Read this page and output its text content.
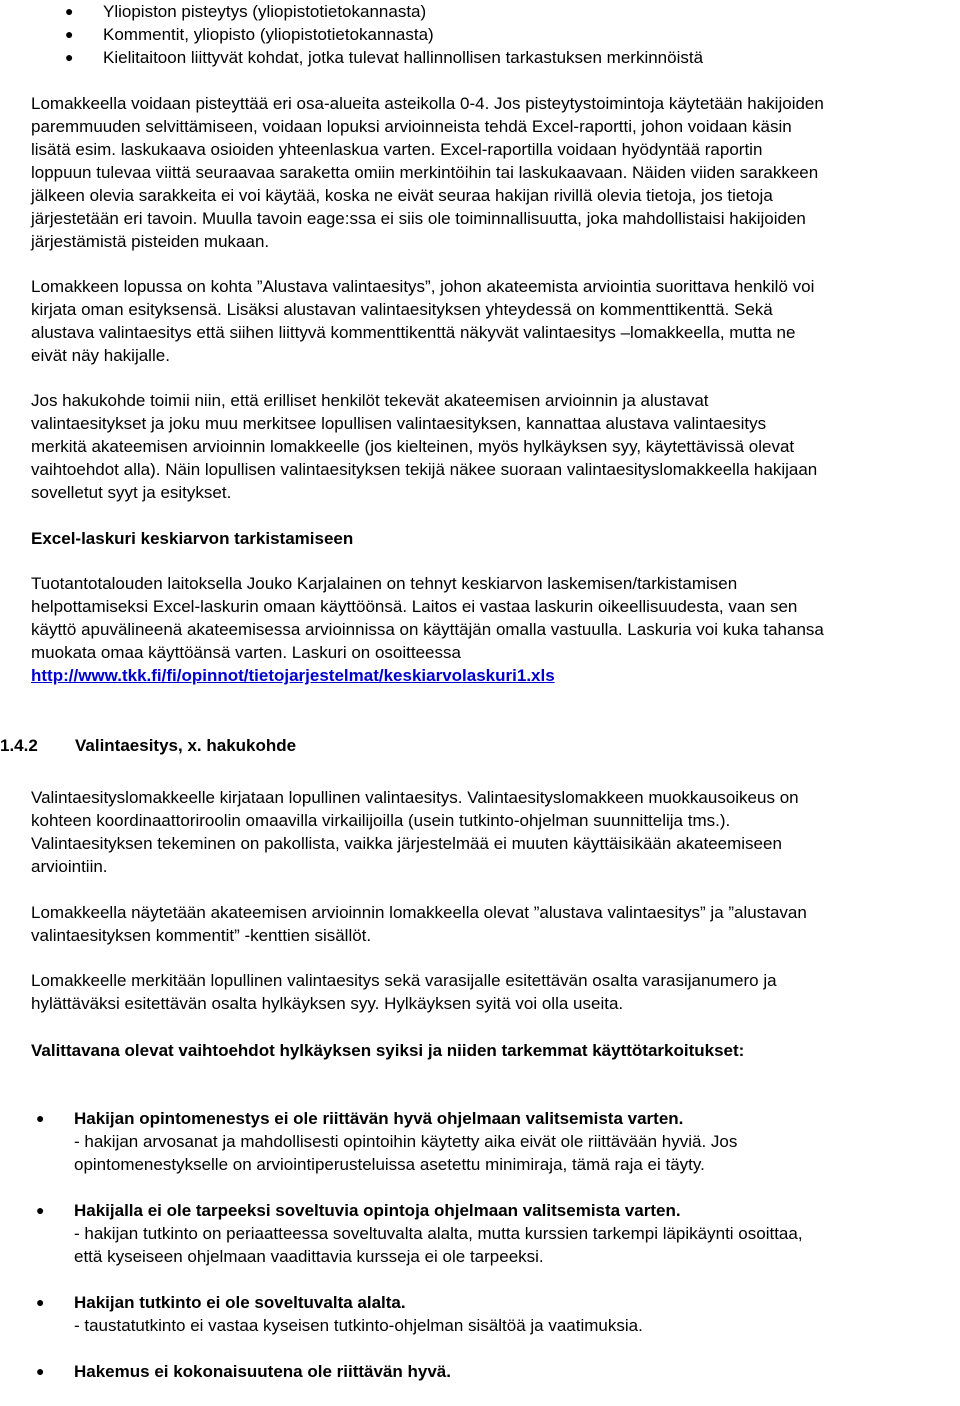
● Yliopiston pisteytys (yliopistotietokannasta)
● Kommentit, yliopisto (yliopistotietokannasta)
● Kielitaitoon liittyvät kohdat, jotka tulevat hallinnollisen tarkastuksen merkinnöistä
Lomakkeella voidaan pisteyttää eri osa-alueita asteikolla 0-4. Jos pisteytystoimintoja käytetään hakijoiden
paremmuuden selvittämiseen, voidaan lopuksi arvioinneista tehdä Excel-raportti, johon voidaan käsin
lisätä esim. laskukaava osioiden yhteenlaskua varten. Excel-raportilla voidaan hyödyntää raportin
loppuun tulevaa viittä seuraavaa saraketta omiin merkintöihin tai laskukaavaan. Näiden viiden sarakkeen
jälkeen olevia sarakkeita ei voi käytää, koska ne eivät seuraa hakijan rivillä olevia tietoja, jos tietoja
järjestetään eri tavoin. Muulla tavoin eage:ssa ei siis ole toiminnallisuutta, joka mahdollistaisi hakijoiden
järjestämistä pisteiden mukaan.
Lomakkeen lopussa on kohta ”Alustava valintaesitys”, johon akateemista arviointia suorittava henkilö voi
kirjata oman esityksensä. Lisäksi alustavan valintaesityksen yhteydessä on kommenttikenttä. Sekä
alustava valintaesitys että siihen liittyvä kommenttikenttä näkyvät valintaesitys –lomakkeella, mutta ne
eivät näy hakijalle.
Jos hakukohde toimii niin, että erilliset henkilöt tekevät akateemisen arvioinnin ja alustavat
valintaesitykset ja joku muu merkitsee lopullisen valintaesityksen, kannattaa alustava valintaesitys
merkitä akateemisen arvioinnin lomakkeelle (jos kielteinen, myös hylkäyksen syy, käytettävissä olevat
vaihtoehdot alla). Näin lopullisen valintaesityksen tekijä näkee suoraan valintaesityslomakkeella hakijaan
sovelletut syyt ja esitykset.
Excel-laskuri keskiarvon tarkistamiseen
Tuotantotalouden laitoksella Jouko Karjalainen on tehnyt keskiarvon laskemisen/tarkistamisen
helpottamiseksi Excel-laskurin omaan käyttöönsä. Laitos ei vastaa laskurin oikeellisuudesta, vaan sen
käyttö apuvälineenä akateemisessa arvioinnissa on käyttäjän omalla vastuulla. Laskuria voi kuka tahansa
muokata omaa käyttöänsä varten. Laskuri on osoitteessa
http://www.tkk.fi/fi/opinnot/tietojarjestelmat/keskiarvolaskuri1.xls
1.4.2 Valintaesitys, x. hakukohde
Valintaesityslomakkeelle kirjataan lopullinen valintaesitys. Valintaesityslomakkeen muokkausoikeus on
kohteen koordinaattoriroolin omaavilla virkailijoilla (usein tutkinto-ohjelman suunnittelija tms.).
Valintaesityksen tekeminen on pakollista, vaikka järjestelmää ei muuten käyttäisikään akateemiseen
arviointiin.
Lomakkeella näytetään akateemisen arvioinnin lomakkeella olevat ”alustava valintaesitys” ja ”alustavan
valintaesityksen kommentit” -kenttien sisällöt.
Lomakkeelle merkitään lopullinen valintaesitys sekä varasijalle esitettävän osalta varasijanumero ja
hylättäväksi esitettävän osalta hylkäyksen syy. Hylkäyksen syitä voi olla useita.
Valittavana olevat vaihtoehdot hylkäyksen syiksi ja niiden tarkemmat käyttötarkoitukset:
● Hakijan opintomenestys ei ole riittävän hyvä ohjelmaan valitsemista varten.
- hakijan arvosanat ja mahdollisesti opintoihin käytetty aika eivät ole riittävään hyviä. Jos
opintomenestykselle on arviointiperusteluissa asetettu minimiraja, tämä raja ei täyty.
● Hakijalla ei ole tarpeeksi soveltuvia opintoja ohjelmaan valitsemista varten.
- hakijan tutkinto on periaatteessa soveltuvalta alalta, mutta kurssien tarkempi läpikäynti osoittaa,
että kyseiseen ohjelmaan vaadittavia kursseja ei ole tarpeeksi.
● Hakijan tutkinto ei ole soveltuvalta alalta.
- taustatutkinto ei vastaa kyseisen tutkinto-ohjelman sisältöä ja vaatimuksia.
● Hakemus ei kokonaisuutena ole riittävän hyvä.
